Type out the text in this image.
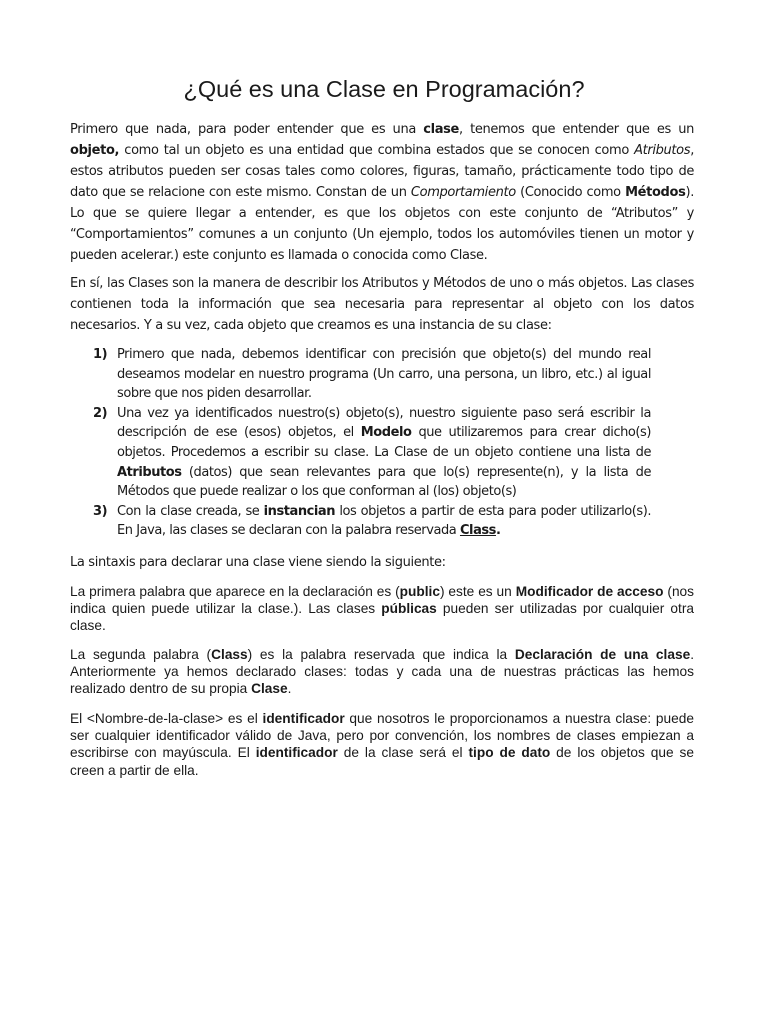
¿Qué es una Clase en Programación?

Primero que nada, para poder entender que es una clase, tenemos que entender que es un objeto, como tal un objeto es una entidad que combina estados que se conocen como Atributos, estos atributos pueden ser cosas tales como colores, figuras, tamaño, prácticamente todo tipo de dato que se relacione con este mismo. Constan de un Comportamiento (Conocido como Métodos). Lo que se quiere llegar a entender, es que los objetos con este conjunto de “Atributos” y “Comportamientos” comunes a un conjunto (Un ejemplo, todos los automóviles tienen un motor y pueden acelerar.) este conjunto es llamada o conocida como Clase.

En sí, las Clases son la manera de describir los Atributos y Métodos de uno o más objetos. Las clases contienen toda la información que sea necesaria para representar al objeto con los datos necesarios. Y a su vez, cada objeto que creamos es una instancia de su clase:

1) Primero que nada, debemos identificar con precisión que objeto(s) del mundo real deseamos modelar en nuestro programa (Un carro, una persona, un libro, etc.) al igual sobre que nos piden desarrollar.
2) Una vez ya identificados nuestro(s) objeto(s), nuestro siguiente paso será escribir la descripción de ese (esos) objetos, el Modelo que utilizaremos para crear dicho(s) objetos. Procedemos a escribir su clase. La Clase de un objeto contiene una lista de Atributos (datos) que sean relevantes para que lo(s) represente(n), y la lista de Métodos que puede realizar o los que conforman al (los) objeto(s)
3) Con la clase creada, se instancian los objetos a partir de esta para poder utilizarlo(s). En Java, las clases se declaran con la palabra reservada Class.

La sintaxis para declarar una clase viene siendo la siguiente:

La primera palabra que aparece en la declaración es (public) este es un Modificador de acceso (nos indica quien puede utilizar la clase.). Las clases públicas pueden ser utilizadas por cualquier otra clase.

La segunda palabra (Class) es la palabra reservada que indica la Declaración de una clase. Anteriormente ya hemos declarado clases: todas y cada una de nuestras prácticas las hemos realizado dentro de su propia Clase.

El <Nombre-de-la-clase> es el identificador que nosotros le proporcionamos a nuestra clase: puede ser cualquier identificador válido de Java, pero por convención, los nombres de clases empiezan a escribirse con mayúscula. El identificador de la clase será el tipo de dato de los objetos que se creen a partir de ella.
